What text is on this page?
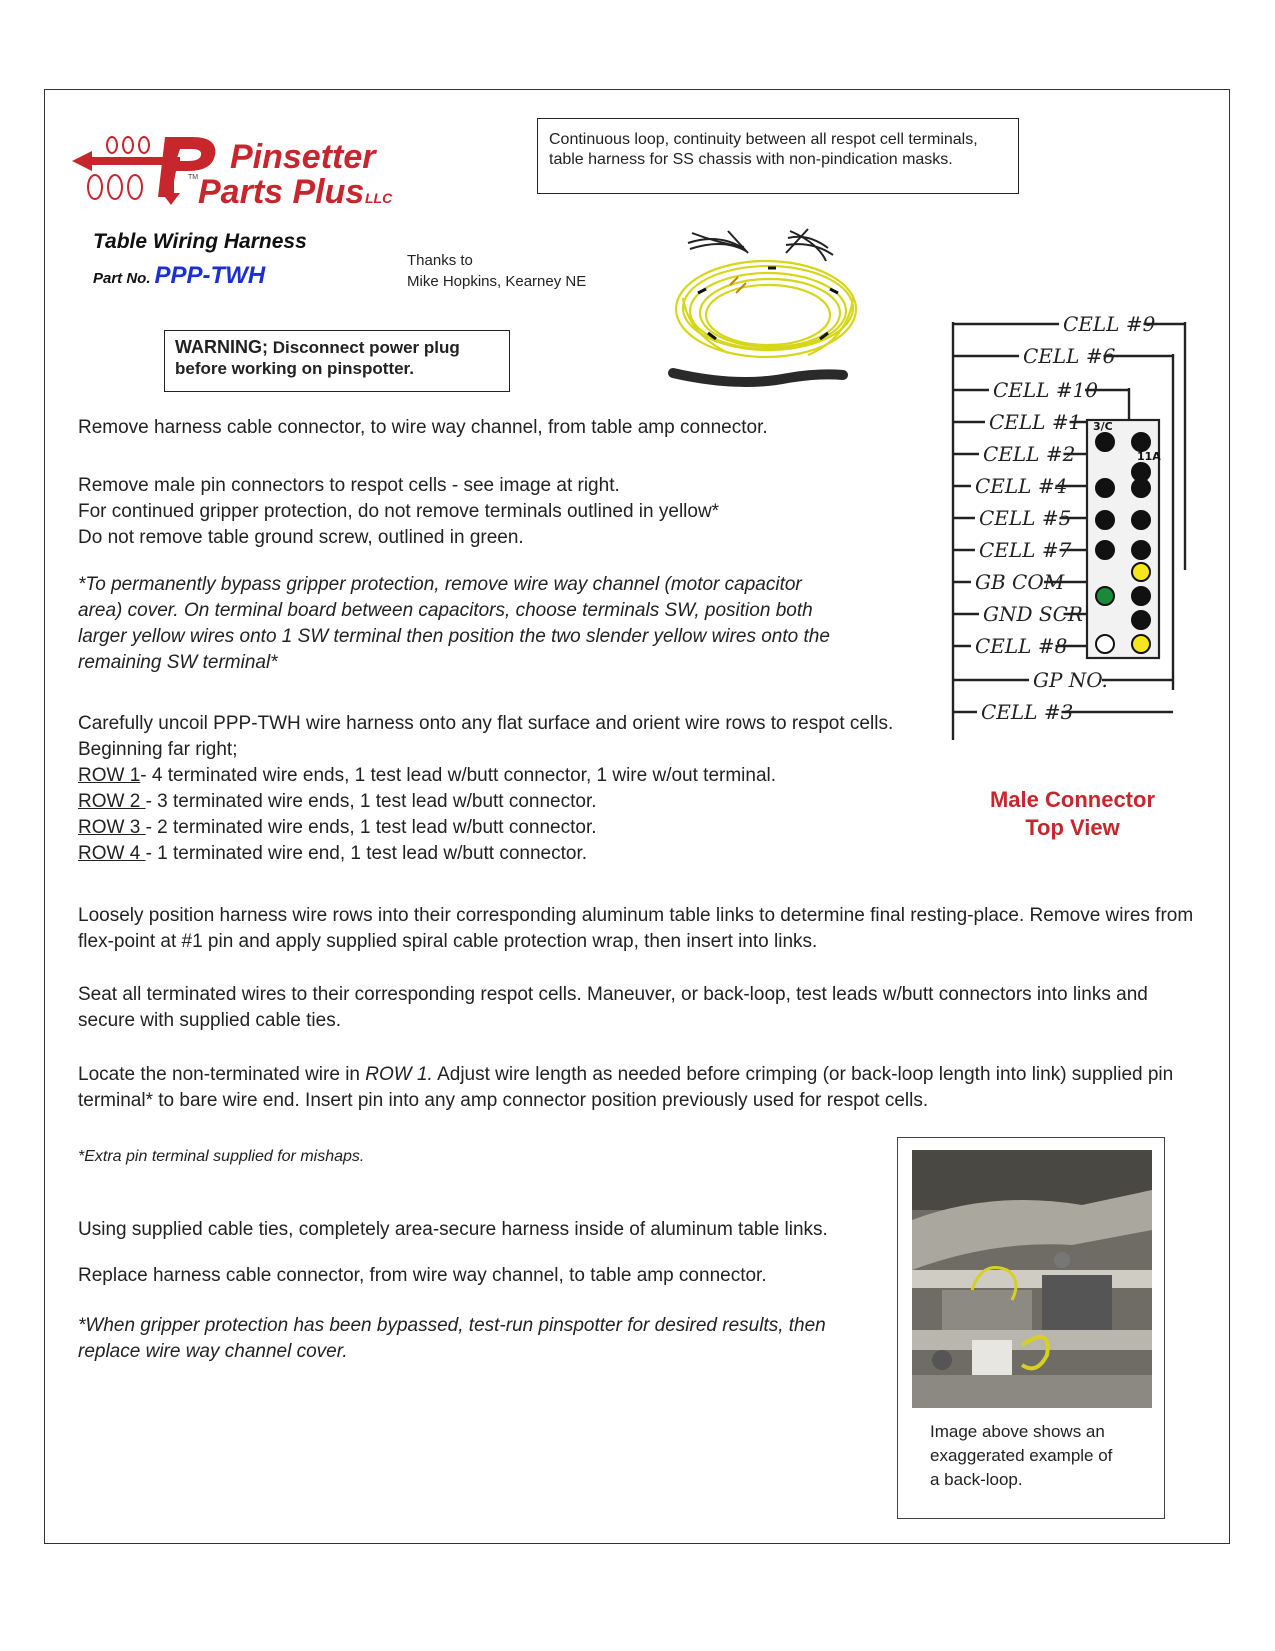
Pinsetter
Parts Plus LLC
TM
Continuous loop, continuity between all respot cell terminals, table harness for SS chassis with non-pindication masks.
Table Wiring Harness
Part No. PPP-TWH
Thanks to
Mike Hopkins, Kearney NE
WARNING; Disconnect power plug
before working on pinspotter.
CELL #9
CELL #6
CELL #10
CELL #1
CELL #2
CELL #4
CELL #5
CELL #7
GB COM
GND SCR
CELL #8
GP NO.
CELL #3
3/C
11A
Male Connector
Top View
Remove harness cable connector, to wire way channel, from table amp connector.
Remove male pin connectors to respot cells - see image at right.
For continued gripper protection, do not remove terminals outlined in yellow*
Do not remove table ground screw, outlined in green.
*To permanently bypass gripper protection, remove wire way channel (motor capacitor area) cover. On terminal board between capacitors, choose terminals SW, position both larger yellow wires onto 1 SW terminal then position the two slender yellow wires onto the remaining SW terminal*
Carefully uncoil PPP-TWH wire harness onto any flat surface and orient wire rows to respot cells.
Beginning far right;
ROW 1- 4 terminated wire ends, 1 test lead w/butt connector, 1 wire w/out terminal.
ROW 2 - 3 terminated wire ends, 1 test lead w/butt connector.
ROW 3 - 2 terminated wire ends, 1 test lead w/butt connector.
ROW 4 - 1 terminated wire end, 1 test lead w/butt connector.
Loosely position harness wire rows into their corresponding aluminum table links to determine final resting-place. Remove wires from flex-point at #1 pin and apply supplied spiral cable protection wrap, then insert into links.
Seat all terminated wires to their corresponding respot cells. Maneuver, or back-loop, test leads w/butt connectors into links and secure with supplied cable ties.
Locate the non-terminated wire in ROW 1. Adjust wire length as needed before crimping (or back-loop length into link) supplied pin terminal* to bare wire end. Insert pin into any amp connector position previously used for respot cells.
*Extra pin terminal supplied for mishaps.
Using supplied cable ties, completely area-secure harness inside of aluminum table links.
Replace harness cable connector, from wire way channel, to table amp connector.
*When gripper protection has been bypassed, test-run pinspotter for desired results, then replace wire way channel cover.
Image above shows an
exaggerated example of
a back-loop.
